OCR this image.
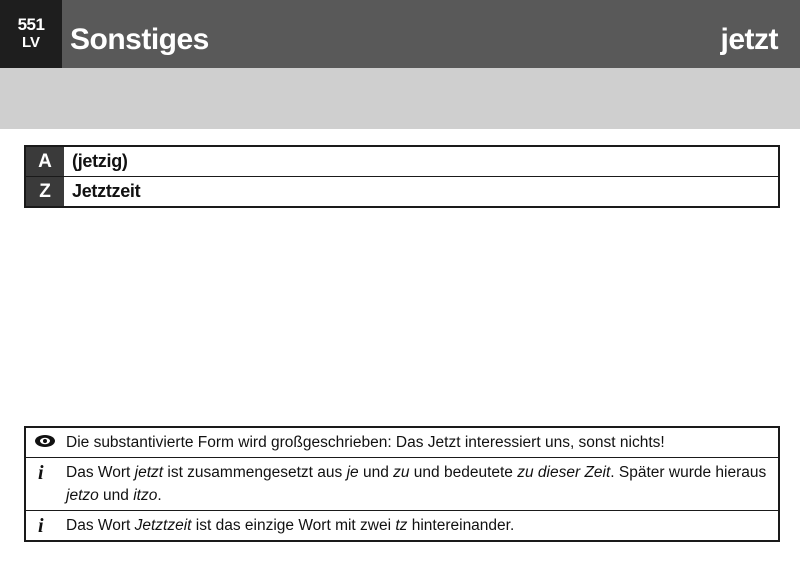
551
LV Sonstiges	jetzt
A	(jetzig)
Z	Jetztzeit
Die substantivierte Form wird großgeschrieben: Das Jetzt interessiert uns, sonst nichts!
i Das Wort jetzt ist zusammengesetzt aus je und zu und bedeutete zu dieser Zeit. Später wurde hieraus jetzo und itzo.
i Das Wort Jetztzeit ist das einzige Wort mit zwei tz hintereinander.
